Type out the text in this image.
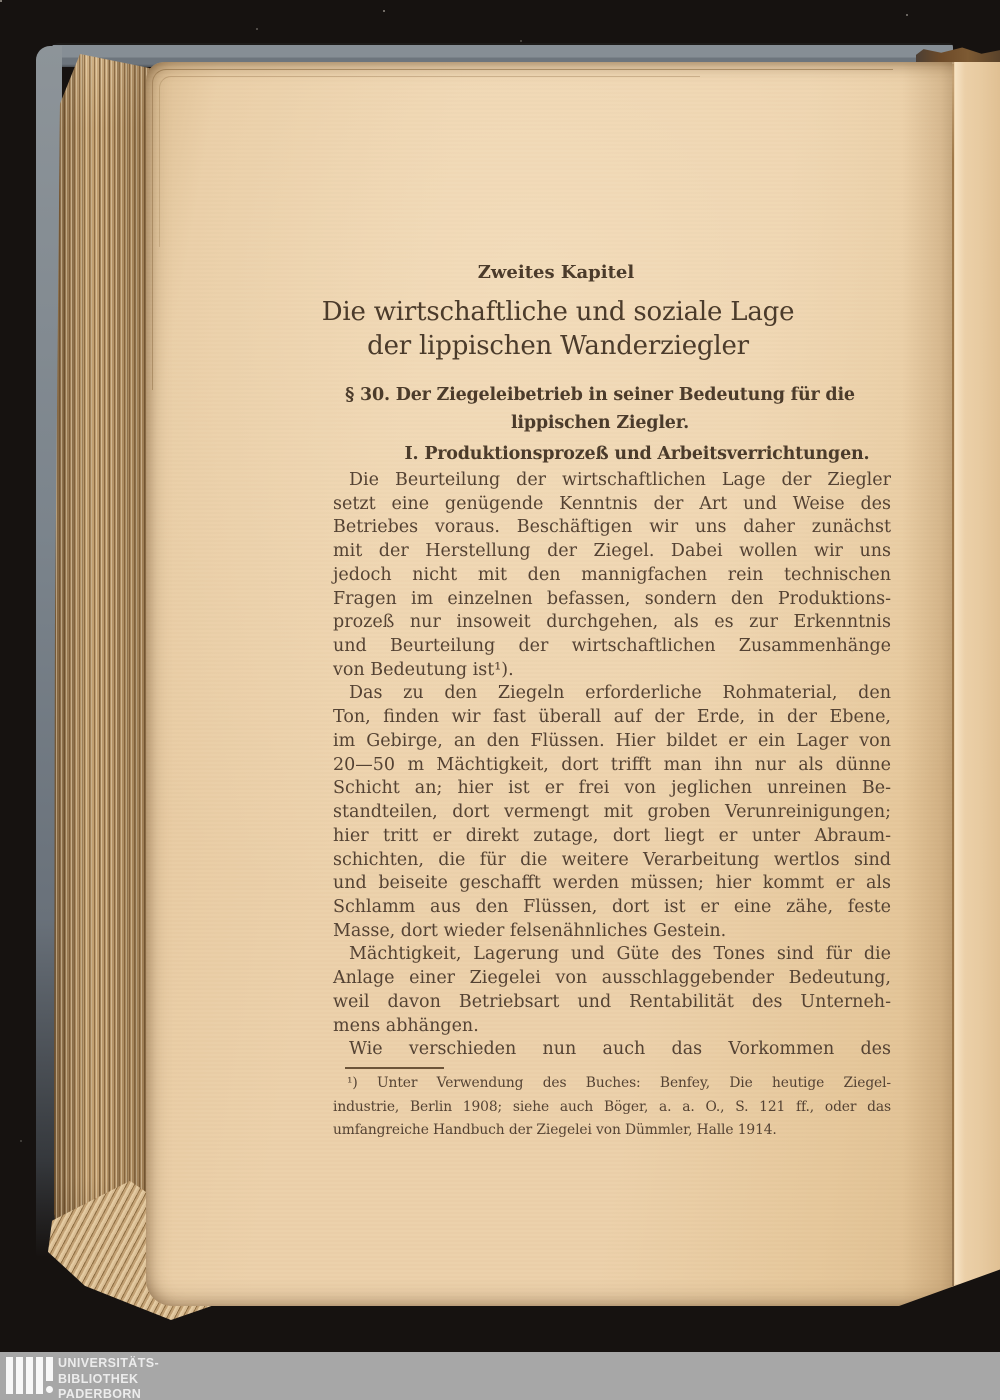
Zweites Kapitel
Die wirtschaftliche und soziale Lage
der lippischen Wanderziegler
§ 30. Der Ziegeleibetrieb in seiner Bedeutung für die
lippischen Ziegler.
I. Produktionsprozeß und Arbeitsverrichtungen.
Die Beurteilung der wirtschaftlichen Lage der Ziegler
setzt eine genügende Kenntnis der Art und Weise des
Betriebes voraus. Beschäftigen wir uns daher zunächst
mit der Herstellung der Ziegel. Dabei wollen wir uns
jedoch nicht mit den mannigfachen rein technischen
Fragen im einzelnen befassen, sondern den Produktions-
prozeß nur insoweit durchgehen, als es zur Erkenntnis
und Beurteilung der wirtschaftlichen Zusammenhänge
von Bedeutung ist¹).
Das zu den Ziegeln erforderliche Rohmaterial, den
Ton, finden wir fast überall auf der Erde, in der Ebene,
im Gebirge, an den Flüssen. Hier bildet er ein Lager von
20—50 m Mächtigkeit, dort trifft man ihn nur als dünne
Schicht an; hier ist er frei von jeglichen unreinen Be-
standteilen, dort vermengt mit groben Verunreinigungen;
hier tritt er direkt zutage, dort liegt er unter Abraum-
schichten, die für die weitere Verarbeitung wertlos sind
und beiseite geschafft werden müssen; hier kommt er als
Schlamm aus den Flüssen, dort ist er eine zähe, feste
Masse, dort wieder felsenähnliches Gestein.
Mächtigkeit, Lagerung und Güte des Tones sind für die
Anlage einer Ziegelei von ausschlaggebender Bedeutung,
weil davon Betriebsart und Rentabilität des Unterneh-
mens abhängen.
Wie verschieden nun auch das Vorkommen des
¹) Unter Verwendung des Buches: Benfey, Die heutige Ziegel-
industrie, Berlin 1908; siehe auch Böger, a. a. O., S. 121 ff., oder das
umfangreiche Handbuch der Ziegelei von Dümmler, Halle 1914.
UNIVERSITÄTS-
BIBLIOTHEK
PADERBORN
